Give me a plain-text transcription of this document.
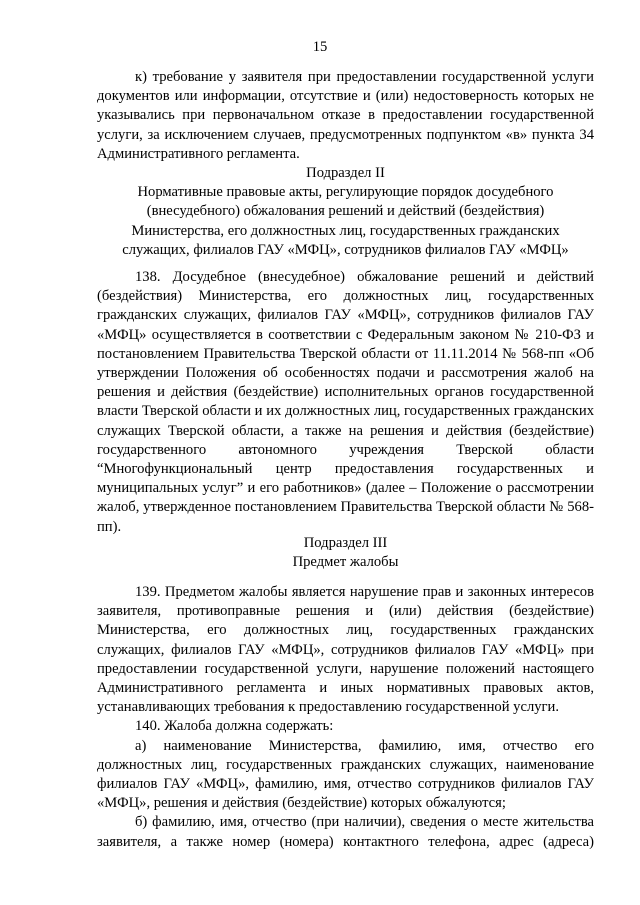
15

к) требование у заявителя при предоставлении государственной услуги документов или информации, отсутствие и (или) недостоверность которых не указывались при первоначальном отказе в предоставлении государственной услуги, за исключением случаев, предусмотренных подпунктом «в» пункта 34 Административного регламента.

Подраздел II

Нормативные правовые акты, регулирующие порядок досудебного
(внесудебного) обжалования решений и действий (бездействия)
Министерства, его должностных лиц, государственных гражданских
служащих, филиалов ГАУ «МФЦ», сотрудников филиалов ГАУ «МФЦ»

138. Досудебное (внесудебное) обжалование решений и действий (бездействия) Министерства, его должностных лиц, государственных гражданских служащих, филиалов ГАУ «МФЦ», сотрудников филиалов ГАУ «МФЦ» осуществляется в соответствии с Федеральным законом № 210-ФЗ и постановлением Правительства Тверской области от 11.11.2014 № 568-пп «Об утверждении Положения об особенностях подачи и рассмотрения жалоб на решения и действия (бездействие) исполнительных органов государственной власти Тверской области и их должностных лиц, государственных гражданских служащих Тверской области, а также на решения и действия (бездействие) государственного автономного учреждения Тверской области “Многофункциональный центр предоставления государственных и муниципальных услуг” и его работников» (далее – Положение о рассмотрении жалоб, утвержденное постановлением Правительства Тверской области № 568-пп).

Подраздел III

Предмет жалобы

139. Предметом жалобы является нарушение прав и законных интересов заявителя, противоправные решения и (или) действия (бездействие) Министерства, его должностных лиц, государственных гражданских служащих, филиалов ГАУ «МФЦ», сотрудников филиалов ГАУ «МФЦ» при предоставлении государственной услуги, нарушение положений настоящего Административного регламента и иных нормативных правовых актов, устанавливающих требования к предоставлению государственной услуги.

140. Жалоба должна содержать:

а) наименование Министерства, фамилию, имя, отчество его должностных лиц, государственных гражданских служащих, наименование филиалов ГАУ «МФЦ», фамилию, имя, отчество сотрудников филиалов ГАУ «МФЦ», решения и действия (бездействие) которых обжалуются;

б) фамилию, имя, отчество (при наличии), сведения о месте жительства заявителя, а также номер (номера) контактного телефона, адрес (адреса)
